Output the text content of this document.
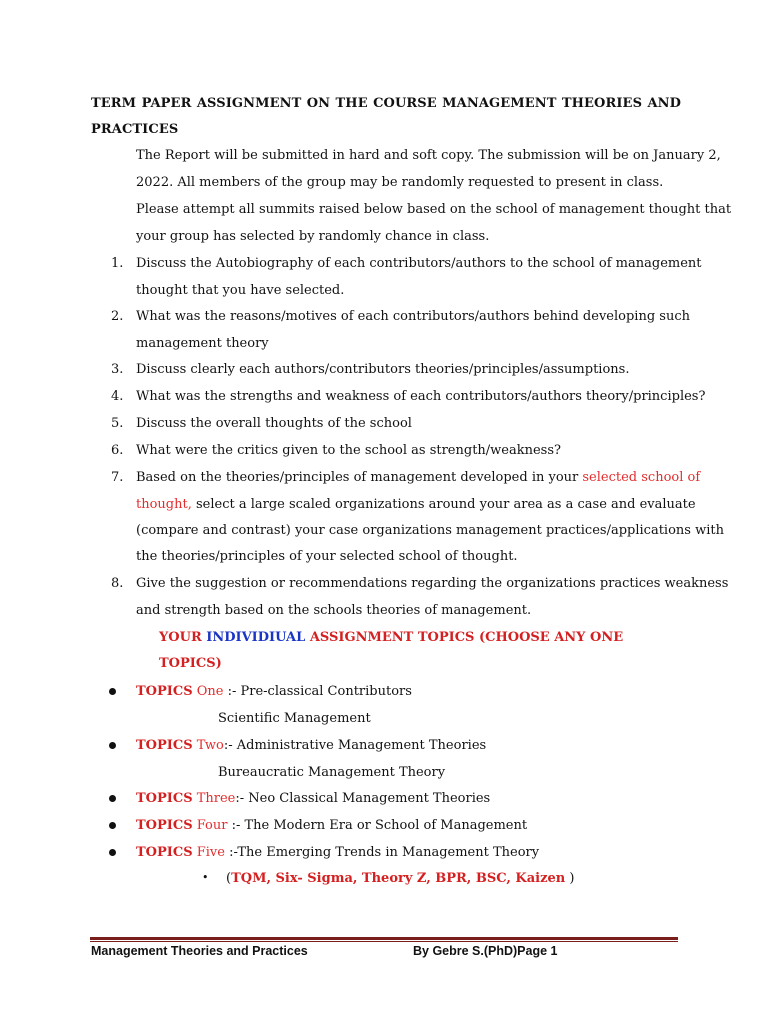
TERM PAPER ASSIGNMENT ON THE COURSE MANAGEMENT THEORIES AND
PRACTICES
The Report will be submitted in hard and soft copy. The submission will be on January 2,
2022. All members of the group may be randomly requested to present in class.
Please attempt all summits raised below based on the school of management thought that
your group has selected by randomly chance in class.
1. Discuss the Autobiography of each contributors/authors to the school of management
thought that you have selected.
2. What was the reasons/motives of each contributors/authors behind developing such
management theory
3. Discuss clearly each authors/contributors theories/principles/assumptions.
4. What was the strengths and weakness of each contributors/authors theory/principles?
5. Discuss the overall thoughts of the school
6. What were the critics given to the school as strength/weakness?
7. Based on the theories/principles of management developed in your selected school of
thought, select a large scaled organizations around your area as a case and evaluate
(compare and contrast) your case organizations management practices/applications with
the theories/principles of your selected school of thought.
8. Give the suggestion or recommendations regarding the organizations practices weakness
and strength based on the schools theories of management.
YOUR INDIVIDIUAL ASSIGNMENT TOPICS (CHOOSE ANY ONE
TOPICS)
TOPICS One :- Pre-classical Contributors
Scientific Management
TOPICS Two:- Administrative Management Theories
Bureaucratic Management Theory
TOPICS Three:- Neo Classical Management Theories
TOPICS Four :- The Modern Era or School of Management
TOPICS Five :-The Emerging Trends in Management Theory
• (TQM, Six- Sigma, Theory Z, BPR, BSC, Kaizen )
Management Theories and Practices	By Gebre S.(PhD)Page 1
